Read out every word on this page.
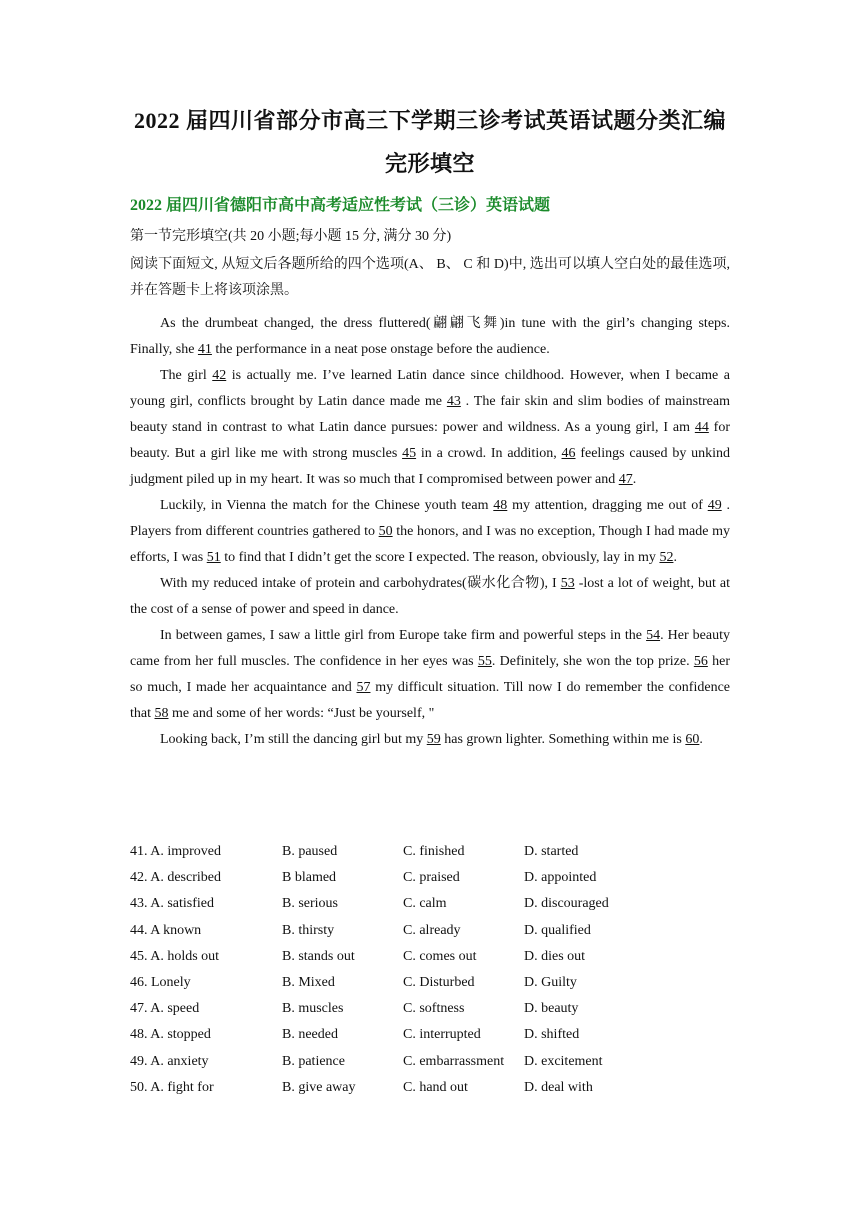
2022 届四川省部分市高三下学期三诊考试英语试题分类汇编
完形填空
2022 届四川省德阳市高中高考适应性考试（三诊）英语试题
第一节完形填空(共 20 小题;每小题 15 分, 满分 30 分)
阅读下面短文, 从短文后各题所给的四个选项(A、 B、 C 和 D)中, 选出可以填人空白处的最佳选项, 并在答题卡上将该项涂黑。

As the drumbeat changed, the dress fluttered(翩翩飞舞)in tune with the girl’s changing steps. Finally, she 41 the performance in a neat pose onstage before the audience.

The girl 42 is actually me. I’ve learned Latin dance since childhood. However, when I became a young girl, conflicts brought by Latin dance made me 43 . The fair skin and slim bodies of mainstream beauty stand in contrast to what Latin dance pursues: power and wildness. As a young girl, I am 44 for beauty. But a girl like me with strong muscles 45 in a crowd. In addition, 46 feelings caused by unkind judgment piled up in my heart. It was so much that I compromised between power and 47.

Luckily, in Vienna the match for the Chinese youth team 48 my attention, dragging me out of 49 . Players from different countries gathered to 50 the honors, and I was no exception, Though I had made my efforts, I was 51 to find that I didn’t get the score I expected. The reason, obviously, lay in my 52.

With my reduced intake of protein and carbohydrates(碳水化合物), I 53 -lost a lot of weight, but at the cost of a sense of power and speed in dance.

In between games, I saw a little girl from Europe take firm and powerful steps in the 54. Her beauty came from her full muscles. The confidence in her eyes was 55. Definitely, she won the top prize. 56 her so much, I made her acquaintance and 57 my difficult situation. Till now I do remember the confidence that 58 me and some of her words: “Just be yourself, "

Looking back, I’m still the dancing girl but my 59 has grown lighter. Something within me is 60.

41. A. improved	B. paused	C. finished	D. started
42. A. described	B blamed	C. praised	D. appointed
43. A. satisfied	B. serious	C. calm	D. discouraged
44. A known	B. thirsty	C. already	D. qualified
45. A. holds out	B. stands out	C. comes out	D. dies out
46. Lonely	B. Mixed	C. Disturbed	D. Guilty
47. A. speed	B. muscles	C. softness	D. beauty
48. A. stopped	B. needed	C. interrupted	D. shifted
49. A. anxiety	B. patience	C. embarrassment D. excitement
50. A. fight for	B. give away	C. hand out	D. deal with
